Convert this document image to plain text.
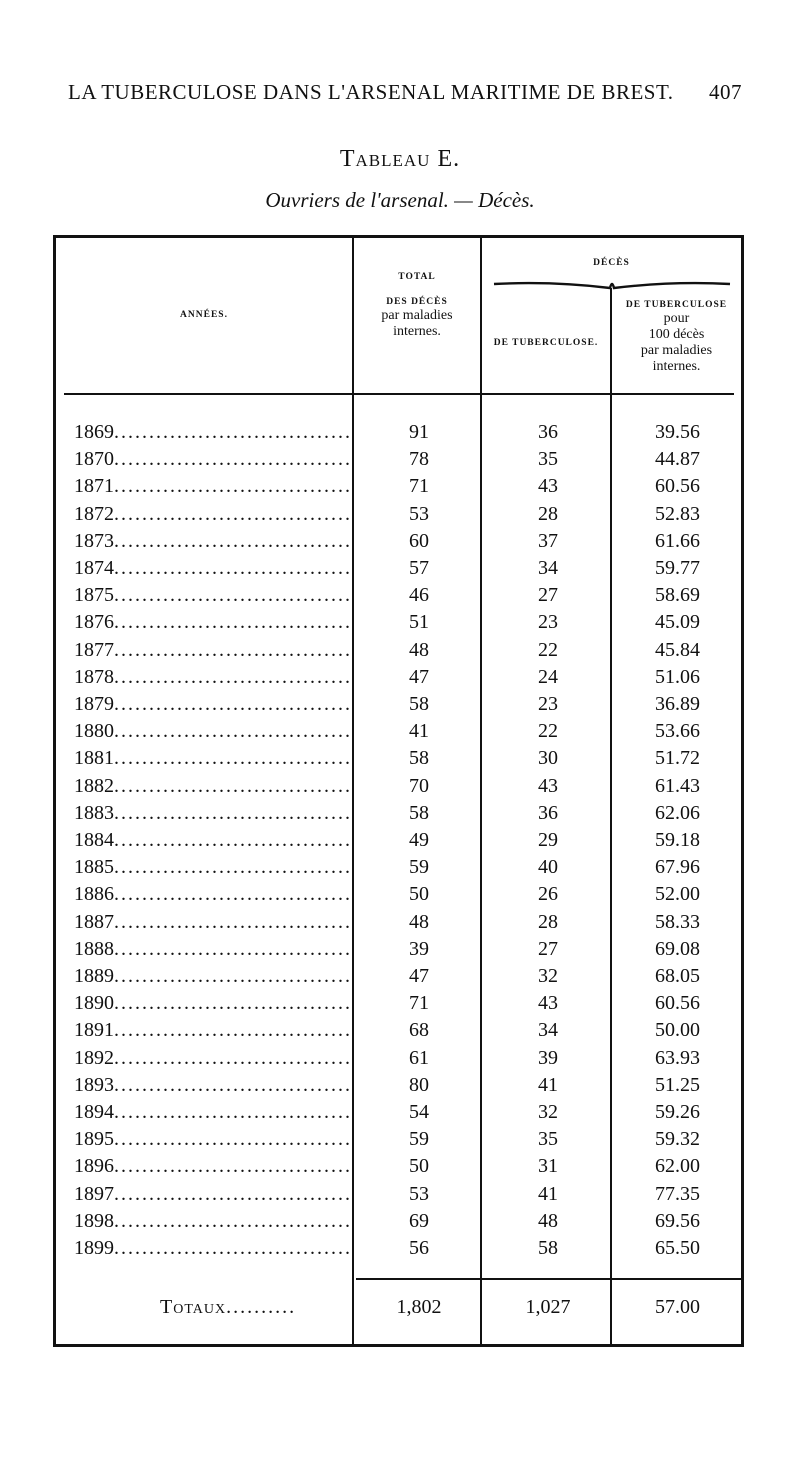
LA TUBERCULOSE DANS L'ARSENAL MARITIME DE BREST. 407
Tableau E.
Ouvriers de l'arsenal. — Décès.
ANNÉES.
TOTAL
DES DÉCÈS
par maladies
internes.
DÉCÈS
DE TUBERCULOSE.
DE TUBERCULOSE
pour
100 décès
par maladies
internes.
1869 .....	91	36	39.56
1870 .....	78	35	44.87
1871 .....	71	43	60.56
1872 .....	53	28	52.83
1873 .....	60	37	61.66
1874 .....	57	34	59.77
1875 .....	46	27	58.69
1876 .....	51	23	45.09
1877 .....	48	22	45.84
1878 .....	47	24	51.06
1879 .....	58	23	36.89
1880 .....	41	22	53.66
1881 .....	58	30	51.72
1882 .....	70	43	61.43
1883 .....	58	36	62.06
1884 .....	49	29	59.18
1885 .....	59	40	67.96
1886 .....	50	26	52.00
1887 .....	48	28	58.33
1888 .....	39	27	69.08
1889 .....	47	32	68.05
1890 .....	71	43	60.56
1891 .....	68	34	50.00
1892 .....	61	39	63.93
1893 .....	80	41	51.25
1894 .....	54	32	59.26
1895 .....	59	35	59.32
1896 .....	50	31	62.00
1897 .....	53	41	77.35
1898 .....	69	48	69.56
1899 .....	56	58	65.50
Totaux..........	1,802	1,027	57.00
